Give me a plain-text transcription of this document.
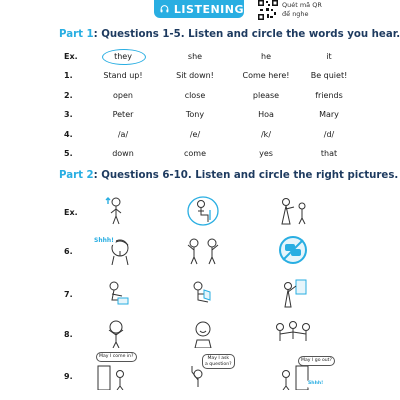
LISTENING	Quét mã QR
để nghe
Part 1: Questions 1-5. Listen and circle the words you hear.
Ex.	they	she	he	it
1.	Stand up!	Sit down!	Come here!	Be quiet!
2.	open	close	please	friends
3.	Peter	Tony	Hoa	Mary
4.	/a/	/e/	/k/	/d/
5.	down	come	yes	that
Part 2: Questions 6-10. Listen and circle the right pictures.
Ex.
6.
Shhh!
7.
8.
9.
May I come in?	May I ask
a question?
May I go out?
Shhh!
